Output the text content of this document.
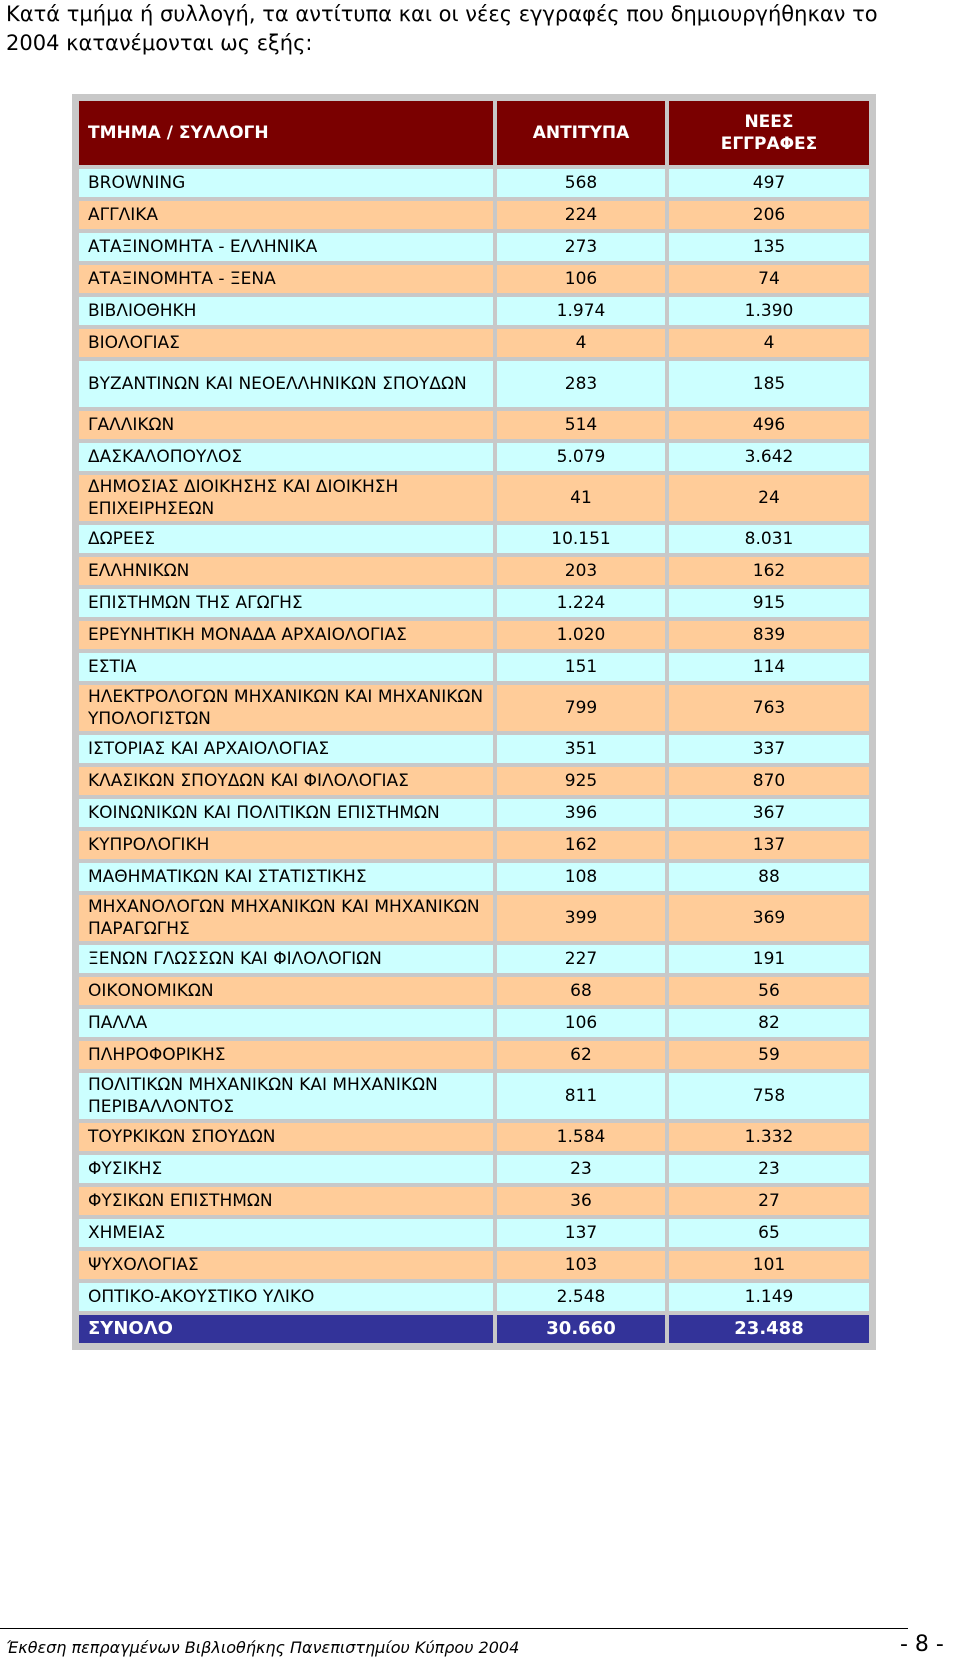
Κατά τμήμα ή συλλογή, τα αντίτυπα και οι νέες εγγραφές που δημιουργήθηκαν το
2004 κατανέμονται ως εξής:

ΤΜΗΜΑ / ΣΥΛΛΟΓΗ	ΑΝΤΙΤΥΠΑ	ΝΕΕΣ
ΕΓΓΡΑΦΕΣ
BROWNING	568	497
ΑΓΓΛΙΚΑ	224	206
ΑΤΑΞΙΝΟΜΗΤΑ - ΕΛΛΗΝΙΚΑ	273	135
ΑΤΑΞΙΝΟΜΗΤΑ - ΞΕΝΑ	106	74
ΒΙΒΛΙΟΘΗΚΗ	1.974	1.390
ΒΙΟΛΟΓΙΑΣ	4	4
ΒΥΖΑΝΤΙΝΩΝ ΚΑΙ ΝΕΟΕΛΛΗΝΙΚΩΝ ΣΠΟΥΔΩΝ	283	185
ΓΑΛΛΙΚΩΝ	514	496
ΔΑΣΚΑΛΟΠΟΥΛΟΣ	5.079	3.642
ΔΗΜΟΣΙΑΣ ΔΙΟΙΚΗΣΗΣ ΚΑΙ ΔΙΟΙΚΗΣΗ ΕΠΙΧΕΙΡΗΣΕΩΝ	41	24
ΔΩΡΕΕΣ	10.151	8.031
ΕΛΛΗΝΙΚΩΝ	203	162
ΕΠΙΣΤΗΜΩΝ ΤΗΣ ΑΓΩΓΗΣ	1.224	915
ΕΡΕΥΝΗΤΙΚΗ ΜΟΝΑΔΑ ΑΡΧΑΙΟΛΟΓΙΑΣ	1.020	839
ΕΣΤΙΑ	151	114
ΗΛΕΚΤΡΟΛΟΓΩΝ ΜΗΧΑΝΙΚΩΝ ΚΑΙ ΜΗΧΑΝΙΚΩΝ ΥΠΟΛΟΓΙΣΤΩΝ	799	763
ΙΣΤΟΡΙΑΣ ΚΑΙ ΑΡΧΑΙΟΛΟΓΙΑΣ	351	337
ΚΛΑΣΙΚΩΝ ΣΠΟΥΔΩΝ ΚΑΙ ΦΙΛΟΛΟΓΙΑΣ	925	870
ΚΟΙΝΩΝΙΚΩΝ ΚΑΙ ΠΟΛΙΤΙΚΩΝ ΕΠΙΣΤΗΜΩΝ	396	367
ΚΥΠΡΟΛΟΓΙΚΗ	162	137
ΜΑΘΗΜΑΤΙΚΩΝ ΚΑΙ ΣΤΑΤΙΣΤΙΚΗΣ	108	88
ΜΗΧΑΝΟΛΟΓΩΝ ΜΗΧΑΝΙΚΩΝ ΚΑΙ ΜΗΧΑΝΙΚΩΝ ΠΑΡΑΓΩΓΗΣ	399	369
ΞΕΝΩΝ ΓΛΩΣΣΩΝ ΚΑΙ ΦΙΛΟΛΟΓΙΩΝ	227	191
ΟΙΚΟΝΟΜΙΚΩΝ	68	56
ΠΑΛΛΑ	106	82
ΠΛΗΡΟΦΟΡΙΚΗΣ	62	59
ΠΟΛΙΤΙΚΩΝ ΜΗΧΑΝΙΚΩΝ ΚΑΙ ΜΗΧΑΝΙΚΩΝ ΠΕΡΙΒΑΛΛΟΝΤΟΣ	811	758
ΤΟΥΡΚΙΚΩΝ ΣΠΟΥΔΩΝ	1.584	1.332
ΦΥΣΙΚΗΣ	23	23
ΦΥΣΙΚΩΝ ΕΠΙΣΤΗΜΩΝ	36	27
ΧΗΜΕΙΑΣ	137	65
ΨΥΧΟΛΟΓΙΑΣ	103	101
ΟΠΤΙΚΟ-ΑΚΟΥΣΤΙΚΟ ΥΛΙΚΟ	2.548	1.149
ΣΥΝΟΛΟ	30.660	23.488
Έκθεση πεπραγμένων Βιβλιοθήκης Πανεπιστημίου Κύπρου 2004	- 8 -
